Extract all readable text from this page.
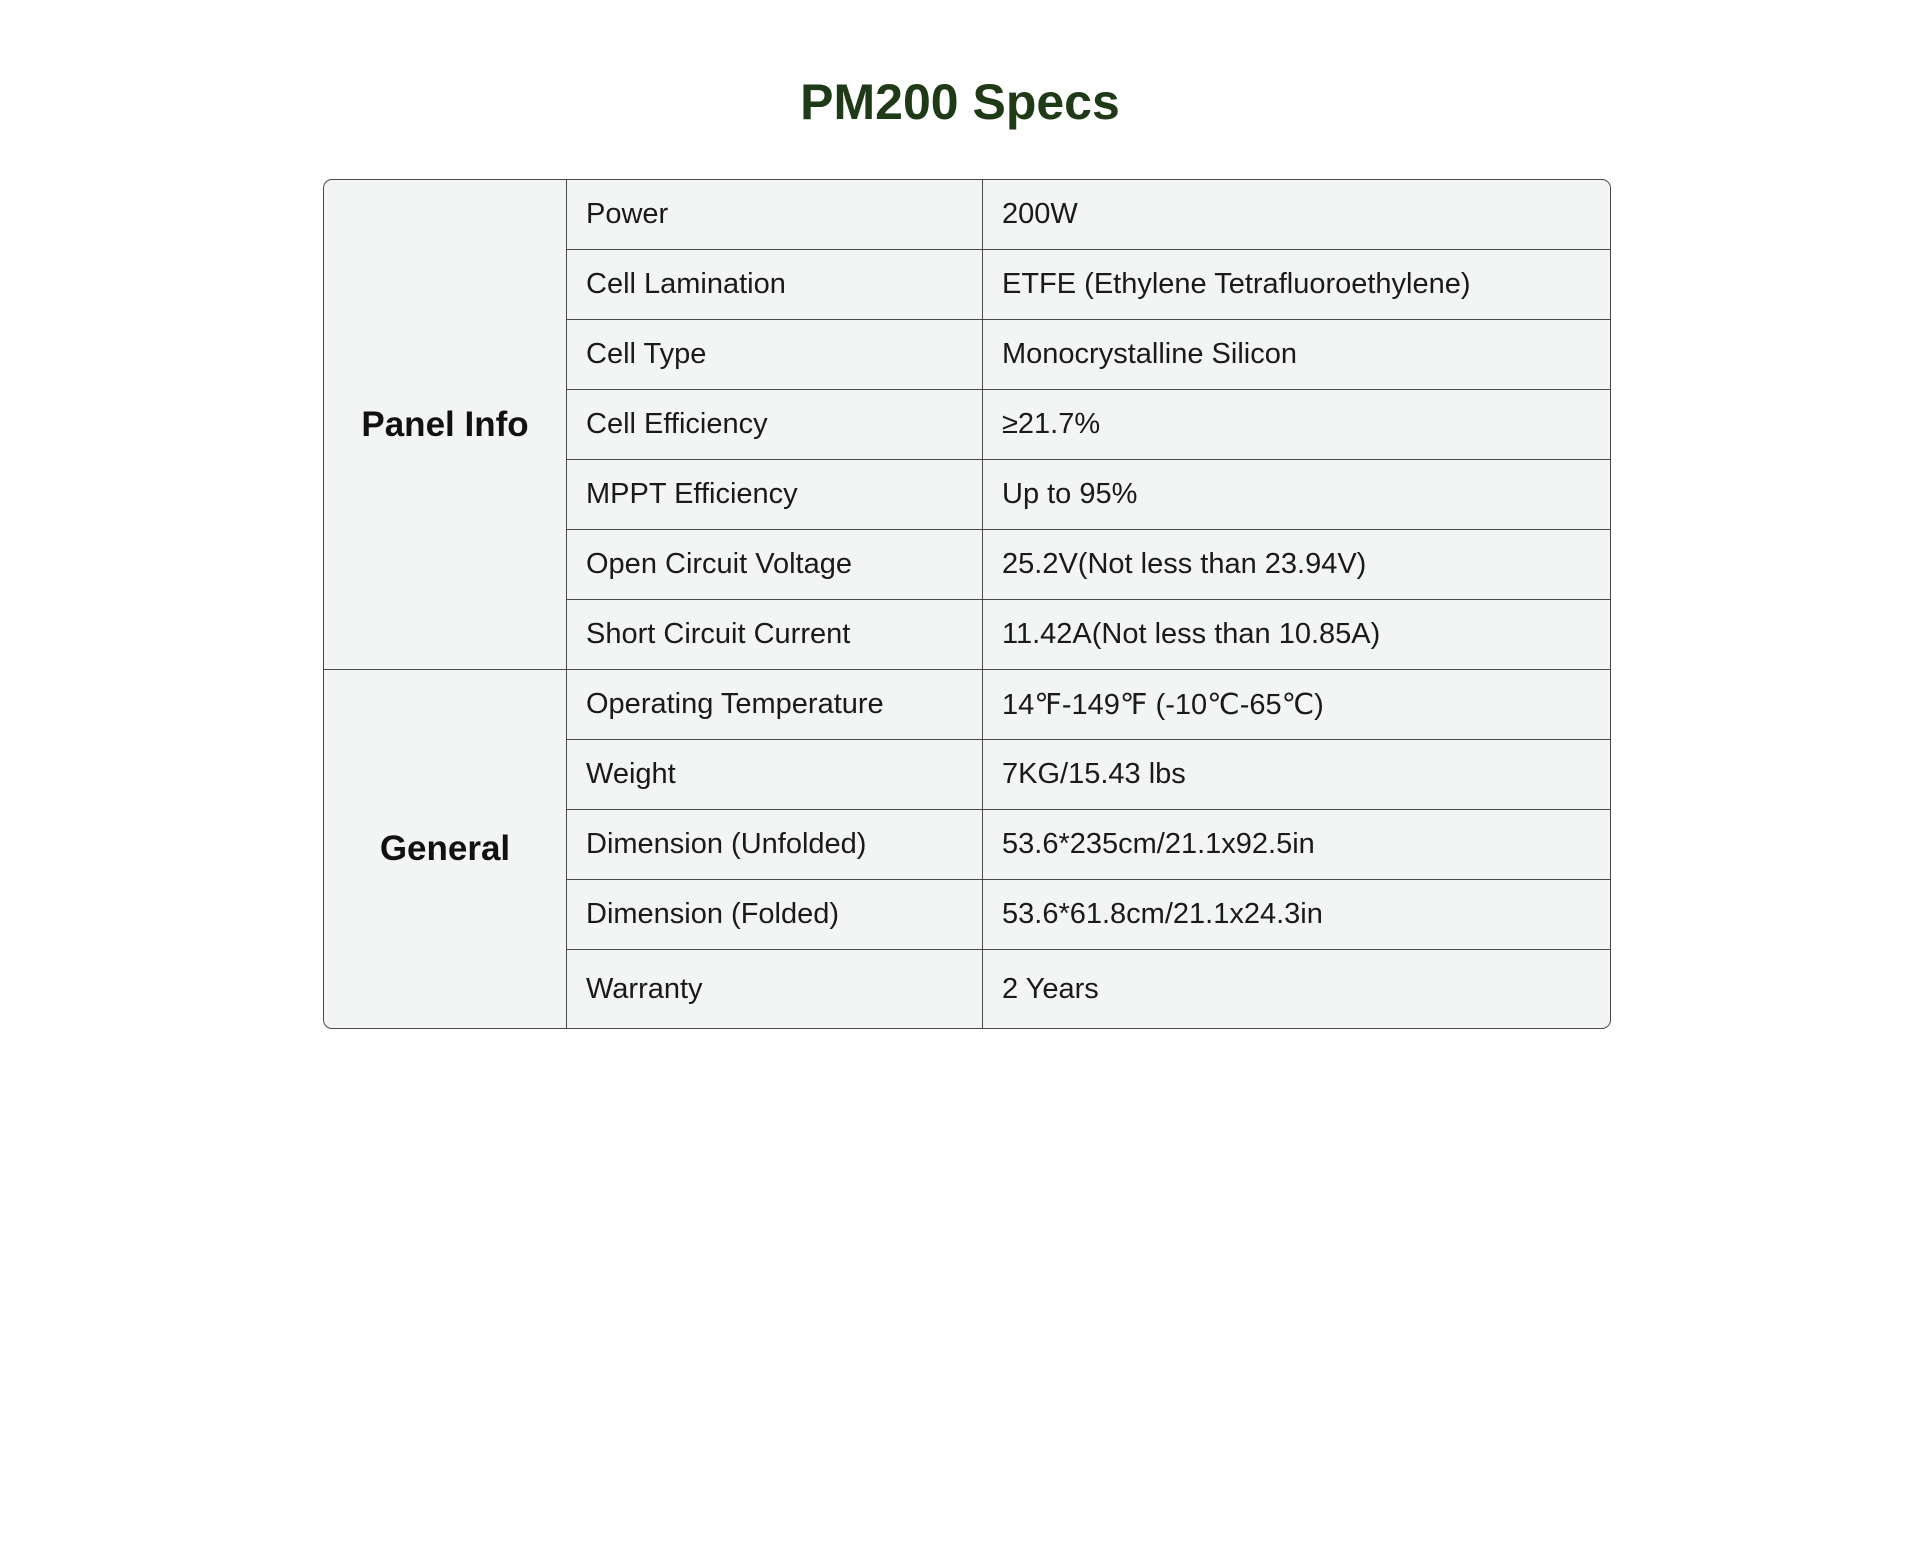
PM200 Specs
Panel Info
Power	200W
Cell Lamination	ETFE (Ethylene Tetrafluoroethylene)
Cell Type	Monocrystalline Silicon
Cell Efficiency	≥21.7%
MPPT Efficiency	Up to 95%
Open Circuit Voltage	25.2V(Not less than 23.94V)
Short Circuit Current	11.42A(Not less than 10.85A)
General
Operating Temperature	14℉-149℉ (-10℃-65℃)
Weight	7KG/15.43 lbs
Dimension (Unfolded)	53.6*235cm/21.1x92.5in
Dimension (Folded)	53.6*61.8cm/21.1x24.3in
Warranty	2 Years
